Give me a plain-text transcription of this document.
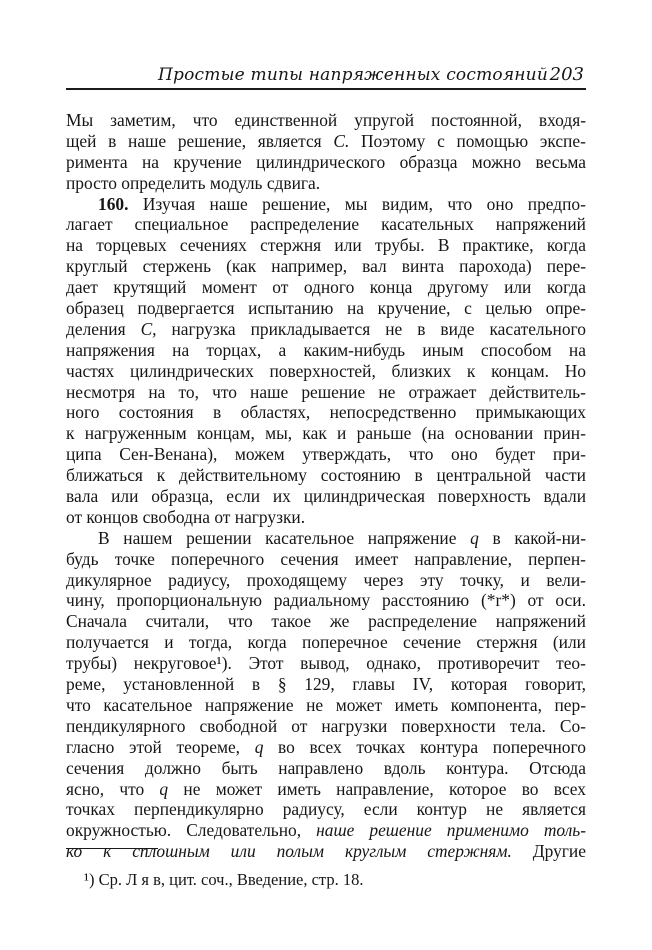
Простые типы напряженных состояний 203
Мы заметим, что единственной упругой постоянной, входя-
щей в наше решение, является C. Поэтому с помощью экспе-
римента на кручение цилиндрического образца можно весьма
просто определить модуль сдвига.
160. Изучая наше решение, мы видим, что оно предпо-
лагает специальное распределение касательных напряжений
на торцевых сечениях стержня или трубы. В практике, когда
круглый стержень (как например, вал винта парохода) пере-
дает крутящий момент от одного конца другому или когда
образец подвергается испытанию на кручение, с целью опре-
деления C, нагрузка прикладывается не в виде касательного
напряжения на торцах, а каким-нибудь иным способом на
частях цилиндрических поверхностей, близких к концам. Но
несмотря на то, что наше решение не отражает действитель-
ного состояния в областях, непосредственно примыкающих
к нагруженным концам, мы, как и раньше (на основании прин-
ципа Сен-Венана), можем утверждать, что оно будет при-
ближаться к действительному состоянию в центральной части
вала или образца, если их цилиндрическая поверхность вдали
от концов свободна от нагрузки.
В нашем решении касательное напряжение q в какой-ни-
будь точке поперечного сечения имеет направление, перпен-
дикулярное радиусу, проходящему через эту точку, и вели-
чину, пропорциональную радиальному расстоянию (*r*) от оси.
Сначала считали, что такое же распределение напряжений
получается и тогда, когда поперечное сечение стержня (или
трубы) некруговое¹). Этот вывод, однако, противоречит тео-
реме, установленной в § 129, главы IV, которая говорит,
что касательное напряжение не может иметь компонента, пер-
пендикулярного свободной от нагрузки поверхности тела. Со-
гласно этой теореме, q во всех точках контура поперечного
сечения должно быть направлено вдоль контура. Отсюда
ясно, что q не может иметь направление, которое во всех
точках перпендикулярно радиусу, если контур не является
окружностью. Следовательно, наше решение применимо толь-
ко к сплошным или полым круглым стержням. Другие
¹) Ср. Л я в, цит. соч., Введение, стр. 18.
